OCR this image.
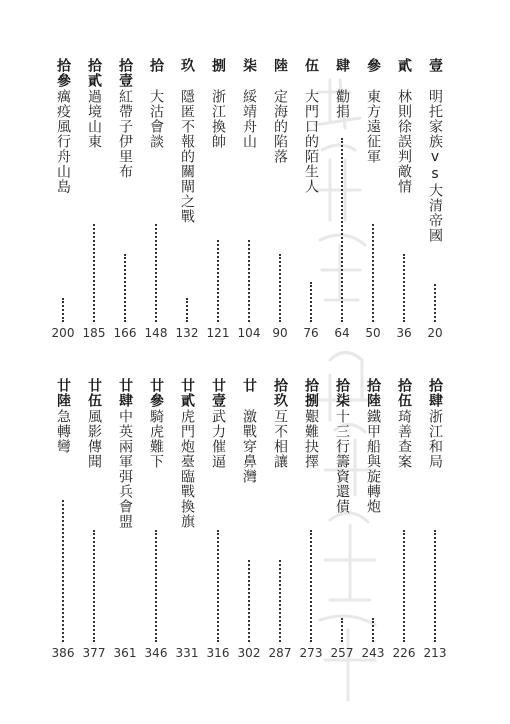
壹
明托家族vs大清帝國
20
貳
林則徐誤判敵情
36
參
東方遠征軍
50
肆
勸捐
64
伍
大門口的陌生人
76
陸
定海的陷落
90
柒
綏靖舟山
104
捌
浙江換帥
121
玖
隱匿不報的關閘之戰
132
拾
大沽會談
148
拾壹
紅帶子伊里布
166
拾貳
過境山東
185
拾參
癘疫風行舟山島
200
拾肆
浙江和局
213
拾伍
琦善查案
226
拾陸
鐵甲船與旋轉炮
243
拾柒
十三行籌資還債
257
拾捌
艱難抉擇
273
拾玖
互不相讓
287
廿
激戰穿鼻灣
302
廿壹
武力催逼
316
廿貳
虎門炮臺臨戰換旗
331
廿參
騎虎難下
346
廿肆
中英兩軍弭兵會盟
361
廿伍
風影傳聞
377
廿陸
急轉彎
386
